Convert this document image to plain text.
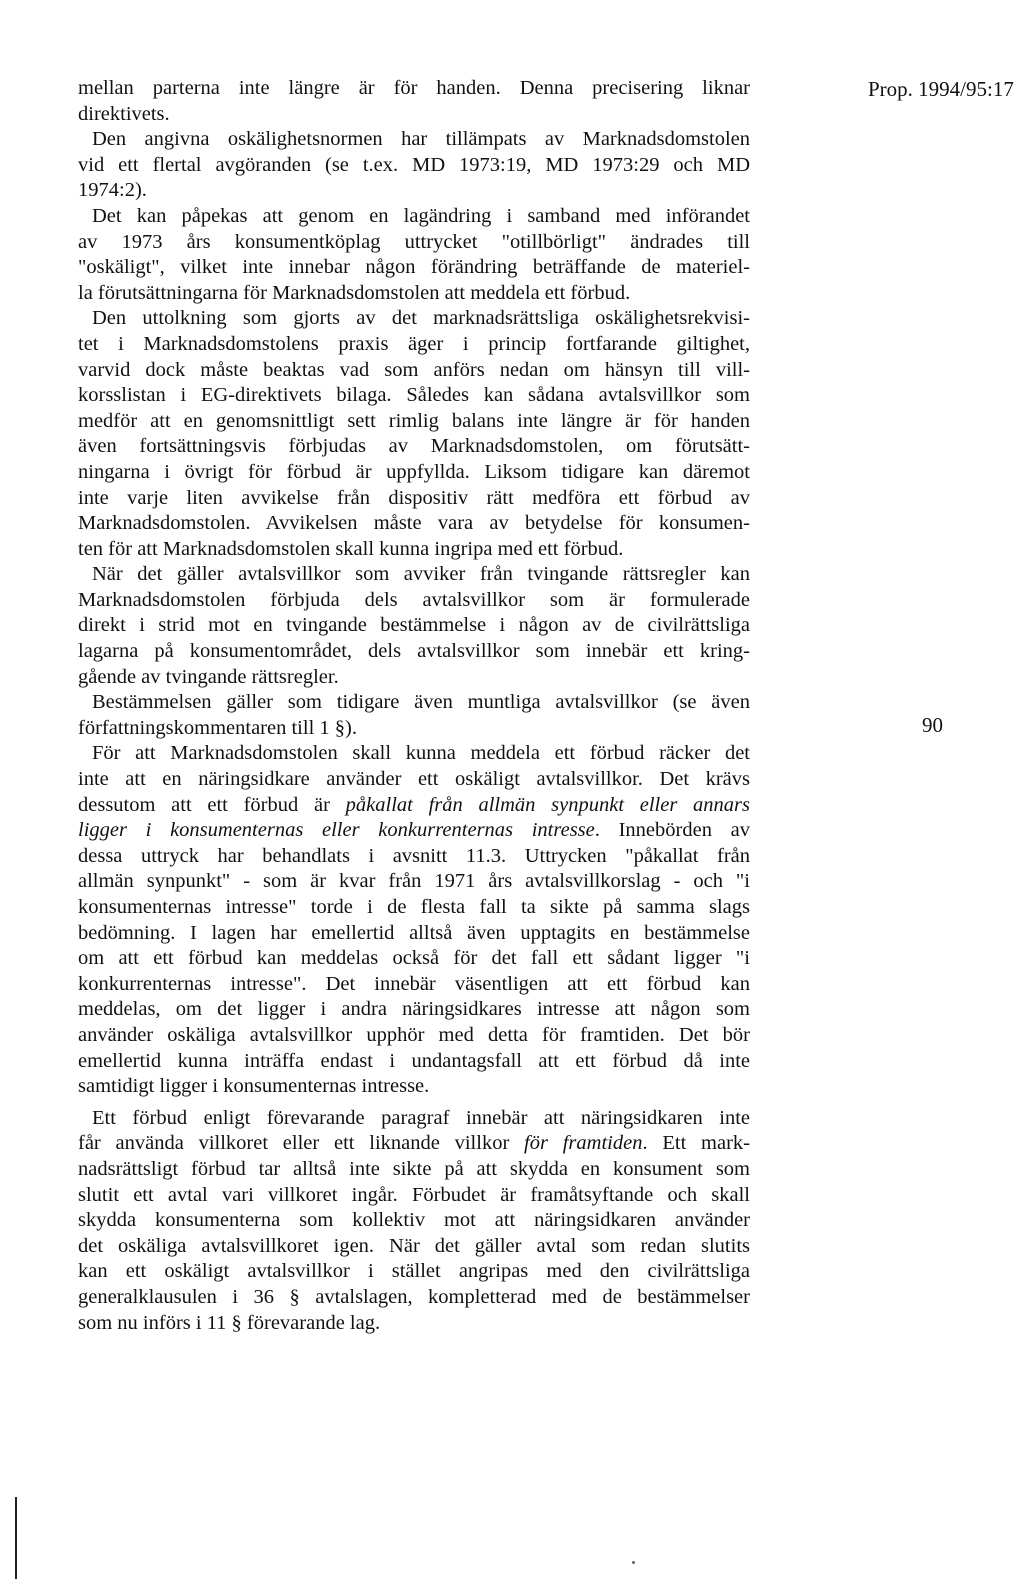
Prop. 1994/95:17

mellan parterna inte längre är för handen. Denna precisering liknar
direktivets.

Den angivna oskälighetsnormen har tillämpats av Marknadsdomstolen
vid ett flertal avgöranden (se t.ex. MD 1973:19, MD 1973:29 och MD
1974:2).

Det kan påpekas att genom en lagändring i samband med införandet
av 1973 års konsumentköplag uttrycket "otillbörligt" ändrades till
"oskäligt", vilket inte innebar någon förändring beträffande de materiel-
la förutsättningarna för Marknadsdomstolen att meddela ett förbud.

Den uttolkning som gjorts av det marknadsrättsliga oskälighetsrekvisi-
tet i Marknadsdomstolens praxis äger i princip fortfarande giltighet,
varvid dock måste beaktas vad som anförs nedan om hänsyn till vill-
korsslistan i EG-direktivets bilaga. Således kan sådana avtalsvillkor som
medför att en genomsnittligt sett rimlig balans inte längre är för handen
även fortsättningsvis förbjudas av Marknadsdomstolen, om förutsätt-
ningarna i övrigt för förbud är uppfyllda. Liksom tidigare kan däremot
inte varje liten avvikelse från dispositiv rätt medföra ett förbud av
Marknadsdomstolen. Avvikelsen måste vara av betydelse för konsumen-
ten för att Marknadsdomstolen skall kunna ingripa med ett förbud.

När det gäller avtalsvillkor som avviker från tvingande rättsregler kan
Marknadsdomstolen förbjuda dels avtalsvillkor som är formulerade
direkt i strid mot en tvingande bestämmelse i någon av de civilrättsliga
lagarna på konsumentområdet, dels avtalsvillkor som innebär ett kring-
gående av tvingande rättsregler.

Bestämmelsen gäller som tidigare även muntliga avtalsvillkor (se även
författningskommentaren till 1 §).

För att Marknadsdomstolen skall kunna meddela ett förbud räcker det
inte att en näringsidkare använder ett oskäligt avtalsvillkor. Det krävs
dessutom att ett förbud är påkallat från allmän synpunkt eller annars
ligger i konsumenternas eller konkurrenternas intresse. Innebörden av
dessa uttryck har behandlats i avsnitt 11.3. Uttrycken "påkallat från
allmän synpunkt" - som är kvar från 1971 års avtalsvillkorslag - och "i
konsumenternas intresse" torde i de flesta fall ta sikte på samma slags
bedömning. I lagen har emellertid alltså även upptagits en bestämmelse
om att ett förbud kan meddelas också för det fall ett sådant ligger "i
konkurrenternas intresse". Det innebär väsentligen att ett förbud kan
meddelas, om det ligger i andra näringsidkares intresse att någon som
använder oskäliga avtalsvillkor upphör med detta för framtiden. Det bör
emellertid kunna inträffa endast i undantagsfall att ett förbud då inte
samtidigt ligger i konsumenternas intresse.

Ett förbud enligt förevarande paragraf innebär att näringsidkaren inte
får använda villkoret eller ett liknande villkor för framtiden. Ett mark-
nadsrättsligt förbud tar alltså inte sikte på att skydda en konsument som
slutit ett avtal vari villkoret ingår. Förbudet är framåtsyftande och skall
skydda konsumenterna som kollektiv mot att näringsidkaren använder
det oskäliga avtalsvillkoret igen. När det gäller avtal som redan slutits
kan ett oskäligt avtalsvillkor i stället angripas med den civilrättsliga
generalklausulen i 36 § avtalslagen, kompletterad med de bestämmelser
som nu införs i 11 § förevarande lag.

90
